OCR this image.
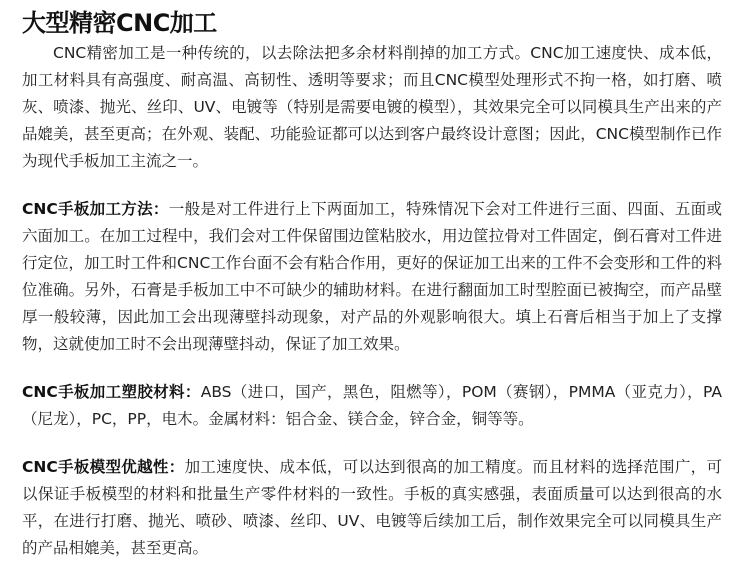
大型精密CNC加工

CNC精密加工是一种传统的，以去除法把多余材料削掉的加工方式。CNC加工速度快、成本低，加工材料具有高强度、耐高温、高韧性、透明等要求；而且CNC模型处理形式不拘一格，如打磨、喷灰、喷漆、抛光、丝印、UV、电镀等（特别是需要电镀的模型），其效果完全可以同模具生产出来的产品媲美，甚至更高；在外观、装配、功能验证都可以达到客户最终设计意图；因此，CNC模型制作已作为现代手板加工主流之一。

CNC手板加工方法：一般是对工件进行上下两面加工，特殊情况下会对工件进行三面、四面、五面或六面加工。在加工过程中，我们会对工件保留围边筐粘胶水，用边筐拉骨对工件固定，倒石膏对工件进行定位，加工时工件和CNC工作台面不会有粘合作用，更好的保证加工出来的工件不会变形和工件的料位准确。另外，石膏是手板加工中不可缺少的辅助材料。在进行翻面加工时型腔面已被掏空，而产品壁厚一般较薄，因此加工会出现薄壁抖动现象，对产品的外观影响很大。填上石膏后相当于加上了支撑物，这就使加工时不会出现薄壁抖动，保证了加工效果。

CNC手板加工塑胶材料：ABS（进口，国产，黑色，阻燃等），POM（赛钢），PMMA（亚克力），PA（尼龙），PC，PP，电木。金属材料：铝合金、镁合金，锌合金，铜等等。

CNC手板模型优越性：加工速度快、成本低，可以达到很高的加工精度。而且材料的选择范围广，可以保证手板模型的材料和批量生产零件材料的一致性。手板的真实感强，表面质量可以达到很高的水平，在进行打磨、抛光、喷砂、喷漆、丝印、UV、电镀等后续加工后，制作效果完全可以同模具生产的产品相媲美，甚至更高。
